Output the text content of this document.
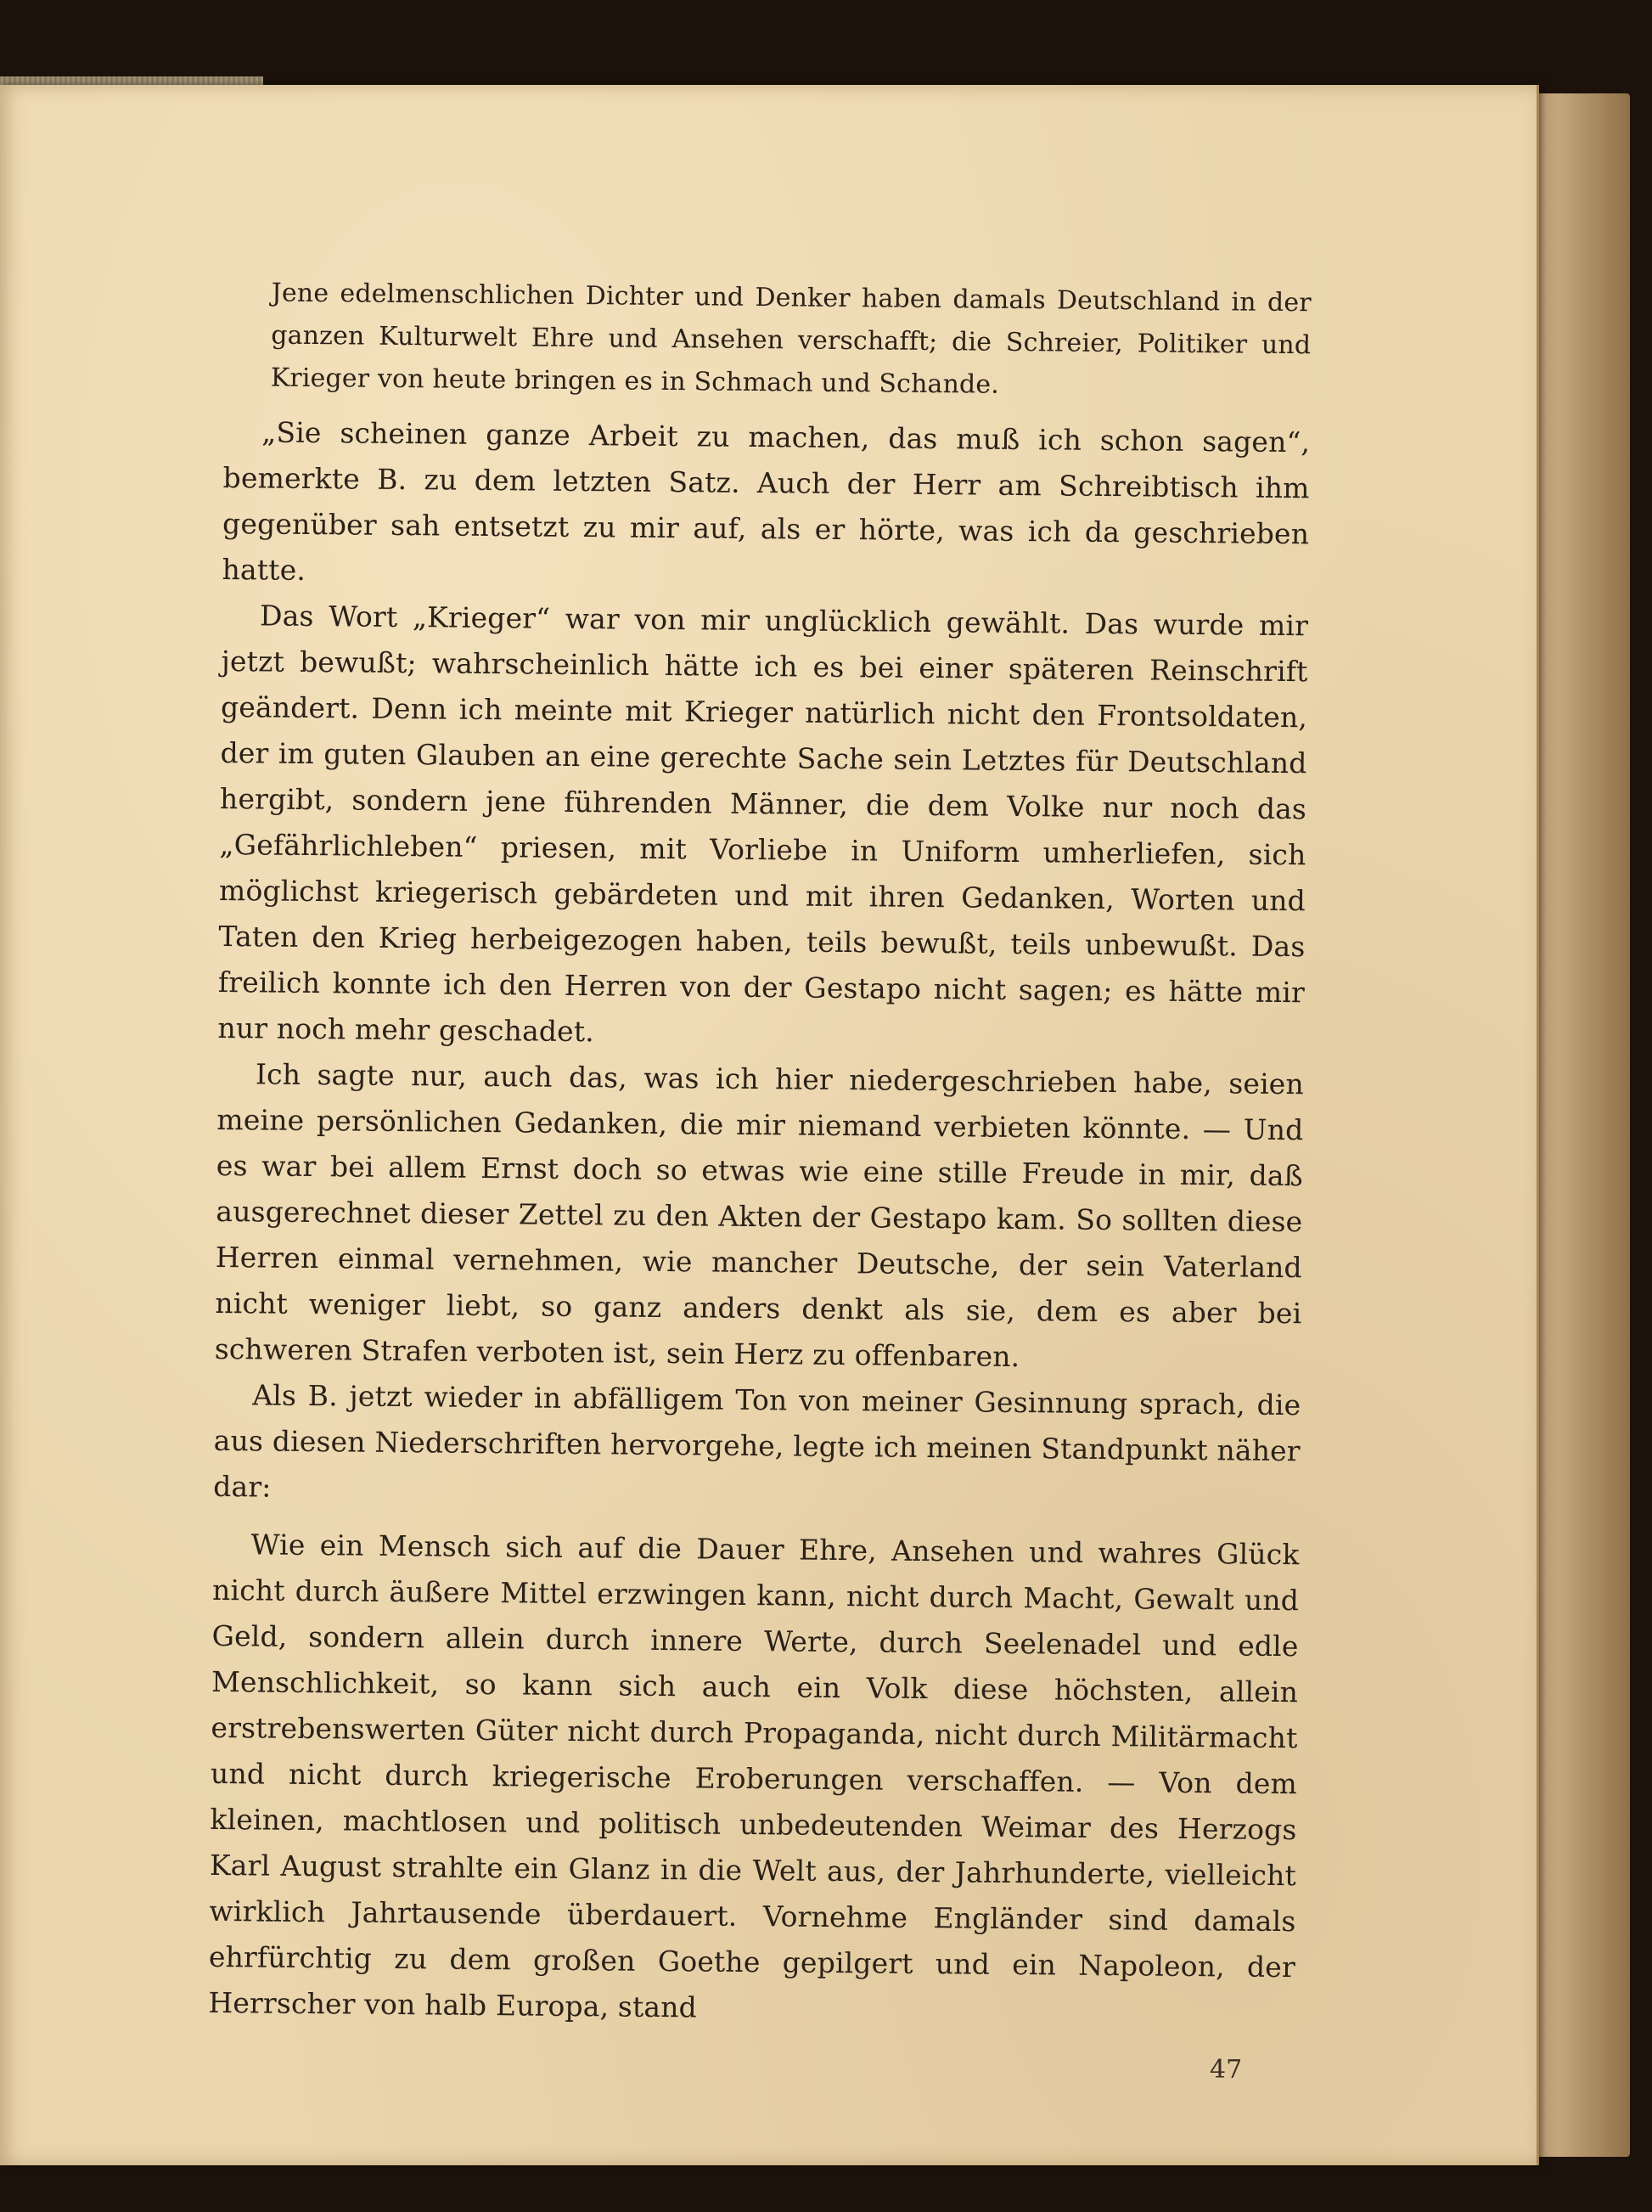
Jene edelmenschlichen Dichter und Denker haben damals Deutschland in der ganzen Kulturwelt Ehre und Ansehen verschafft; die Schreier, Politiker und Krieger von heute bringen es in Schmach und Schande.

„Sie scheinen ganze Arbeit zu machen, das muß ich schon sagen“, bemerkte B. zu dem letzten Satz. Auch der Herr am Schreibtisch ihm gegenüber sah entsetzt zu mir auf, als er hörte, was ich da geschrieben hatte.

Das Wort „Krieger“ war von mir unglücklich gewählt. Das wurde mir jetzt bewußt; wahrscheinlich hätte ich es bei einer späteren Reinschrift geändert. Denn ich meinte mit Krieger natürlich nicht den Frontsoldaten, der im guten Glauben an eine gerechte Sache sein Letztes für Deutschland hergibt, sondern jene führenden Männer, die dem Volke nur noch das „Gefährlichleben“ priesen, mit Vorliebe in Uniform umherliefen, sich möglichst kriegerisch gebärdeten und mit ihren Gedanken, Worten und Taten den Krieg herbeigezogen haben, teils bewußt, teils unbewußt. Das freilich konnte ich den Herren von der Gestapo nicht sagen; es hätte mir nur noch mehr geschadet.

Ich sagte nur, auch das, was ich hier niedergeschrieben habe, seien meine persönlichen Gedanken, die mir niemand verbieten könnte. — Und es war bei allem Ernst doch so etwas wie eine stille Freude in mir, daß ausgerechnet dieser Zettel zu den Akten der Gestapo kam. So sollten diese Herren einmal vernehmen, wie mancher Deutsche, der sein Vaterland nicht weniger liebt, so ganz anders denkt als sie, dem es aber bei schweren Strafen verboten ist, sein Herz zu offenbaren.

Als B. jetzt wieder in abfälligem Ton von meiner Gesinnung sprach, die aus diesen Niederschriften hervorgehe, legte ich meinen Standpunkt näher dar:

Wie ein Mensch sich auf die Dauer Ehre, Ansehen und wahres Glück nicht durch äußere Mittel erzwingen kann, nicht durch Macht, Gewalt und Geld, sondern allein durch innere Werte, durch Seelenadel und edle Menschlichkeit, so kann sich auch ein Volk diese höchsten, allein erstrebenswerten Güter nicht durch Propaganda, nicht durch Militärmacht und nicht durch kriegerische Eroberungen verschaffen. — Von dem kleinen, machtlosen und politisch unbedeutenden Weimar des Herzogs Karl August strahlte ein Glanz in die Welt aus, der Jahrhunderte, vielleicht wirklich Jahrtausende überdauert. Vornehme Engländer sind damals ehrfürchtig zu dem großen Goethe gepilgert und ein Napoleon, der Herrscher von halb Europa, stand

47
